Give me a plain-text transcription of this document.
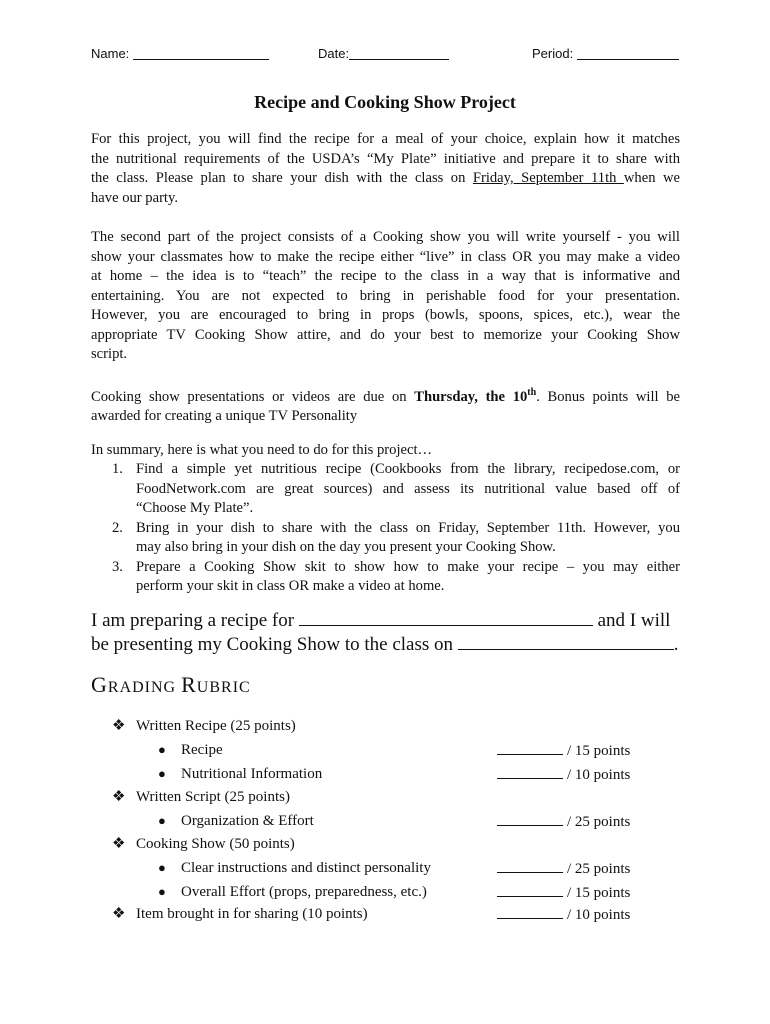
Name:	Date:	Period:
Recipe and Cooking Show Project
For this project, you will find the recipe for a meal of your choice, explain how it matches
the nutritional requirements of the USDA’s “My Plate” initiative and prepare it to share with
the class. Please plan to share your dish with the class on Friday, September 11th when we
have our party.
The second part of the project consists of a Cooking show you will write yourself - you will
show your classmates how to make the recipe either “live” in class OR you may make a video
at home – the idea is to “teach” the recipe to the class in a way that is informative and
entertaining. You are not expected to bring in perishable food for your presentation.
However, you are encouraged to bring in props (bowls, spoons, spices, etc.), wear the
appropriate TV Cooking Show attire, and do your best to memorize your Cooking Show
script.
Cooking show presentations or videos are due on Thursday, the 10th. Bonus points will be
awarded for creating a unique TV Personality
In summary, here is what you need to do for this project…
1. Find a simple yet nutritious recipe (Cookbooks from the library, recipedose.com, or
FoodNetwork.com are great sources) and assess its nutritional value based off of
“Choose My Plate”.
2. Bring in your dish to share with the class on Friday, September 11th. However, you
may also bring in your dish on the day you present your Cooking Show.
3. Prepare a Cooking Show skit to show how to make your recipe – you may either
perform your skit in class OR make a video at home.
I am preparing a recipe for	and I will
be presenting my Cooking Show to the class on	.
GRADING RUBRIC
❖ Written Recipe (25 points)
● Recipe	/ 15 points
● Nutritional Information	/ 10 points
❖ Written Script (25 points)
● Organization & Effort	/ 25 points
❖ Cooking Show (50 points)
● Clear instructions and distinct personality	/ 25 points
● Overall Effort (props, preparedness, etc.)	/ 15 points
❖ Item brought in for sharing (10 points)	/ 10 points
